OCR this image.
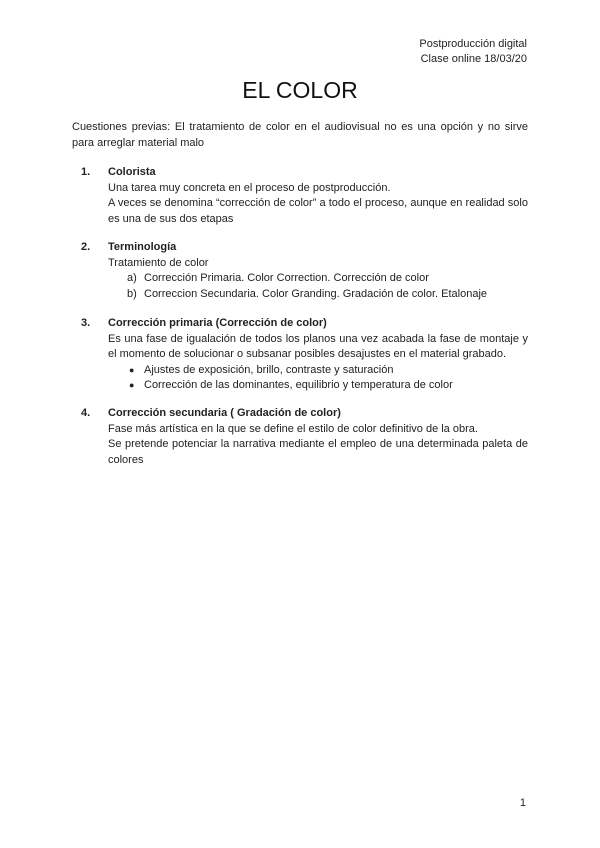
Postproducción digital
Clase online 18/03/20
EL COLOR
Cuestiones previas: El tratamiento de color en el audiovisual no es una opción y no sirve para arreglar material malo
1. Colorista
Una tarea muy concreta en el proceso de postproducción.
A veces se denomina “corrección de color” a todo el proceso, aunque en realidad solo es una de sus dos etapas
2. Terminología
Tratamiento de color
a) Corrección Primaria. Color Correction. Corrección de color
b) Correccion Secundaria. Color Granding. Gradación de color. Etalonaje
3. Corrección primaria (Corrección de color)
Es una fase de igualación de todos los planos una vez acabada la fase de montaje y el momento de solucionar o subsanar posibles desajustes en el material grabado.
● Ajustes de exposición, brillo, contraste y saturación
● Corrección de las dominantes, equilibrio y temperatura de color
4. Corrección secundaria ( Gradación de color)
Fase más artística en la que se define el estilo de color definitivo de la obra.
Se pretende potenciar la narrativa mediante el empleo de una determinada paleta de colores
1
